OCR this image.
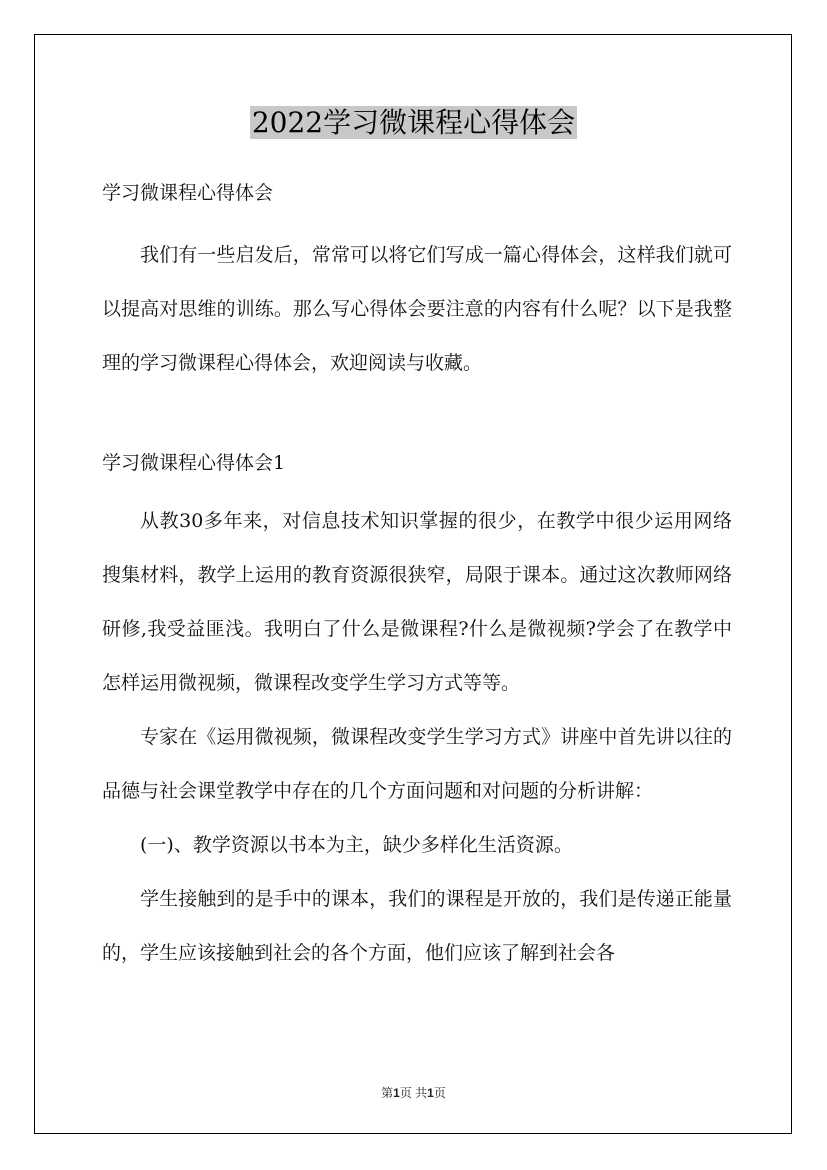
2022学习微课程心得体会
学习微课程心得体会
我们有一些启发后，常常可以将它们写成一篇心得体会，这样我们就可以提高对思维的训练。那么写心得体会要注意的内容有什么呢？以下是我整理的学习微课程心得体会，欢迎阅读与收藏。
学习微课程心得体会1
从教30多年来，对信息技术知识掌握的很少，在教学中很少运用网络搜集材料，教学上运用的教育资源很狭窄，局限于课本。通过这次教师网络研修,我受益匪浅。我明白了什么是微课程?什么是微视频?学会了在教学中怎样运用微视频，微课程改变学生学习方式等等。
专家在《运用微视频，微课程改变学生学习方式》讲座中首先讲以往的品德与社会课堂教学中存在的几个方面问题和对问题的分析讲解：
(一)、教学资源以书本为主，缺少多样化生活资源。
学生接触到的是手中的课本，我们的课程是开放的，我们是传递正能量的，学生应该接触到社会的各个方面，他们应该了解到社会各
第1页 共1页
